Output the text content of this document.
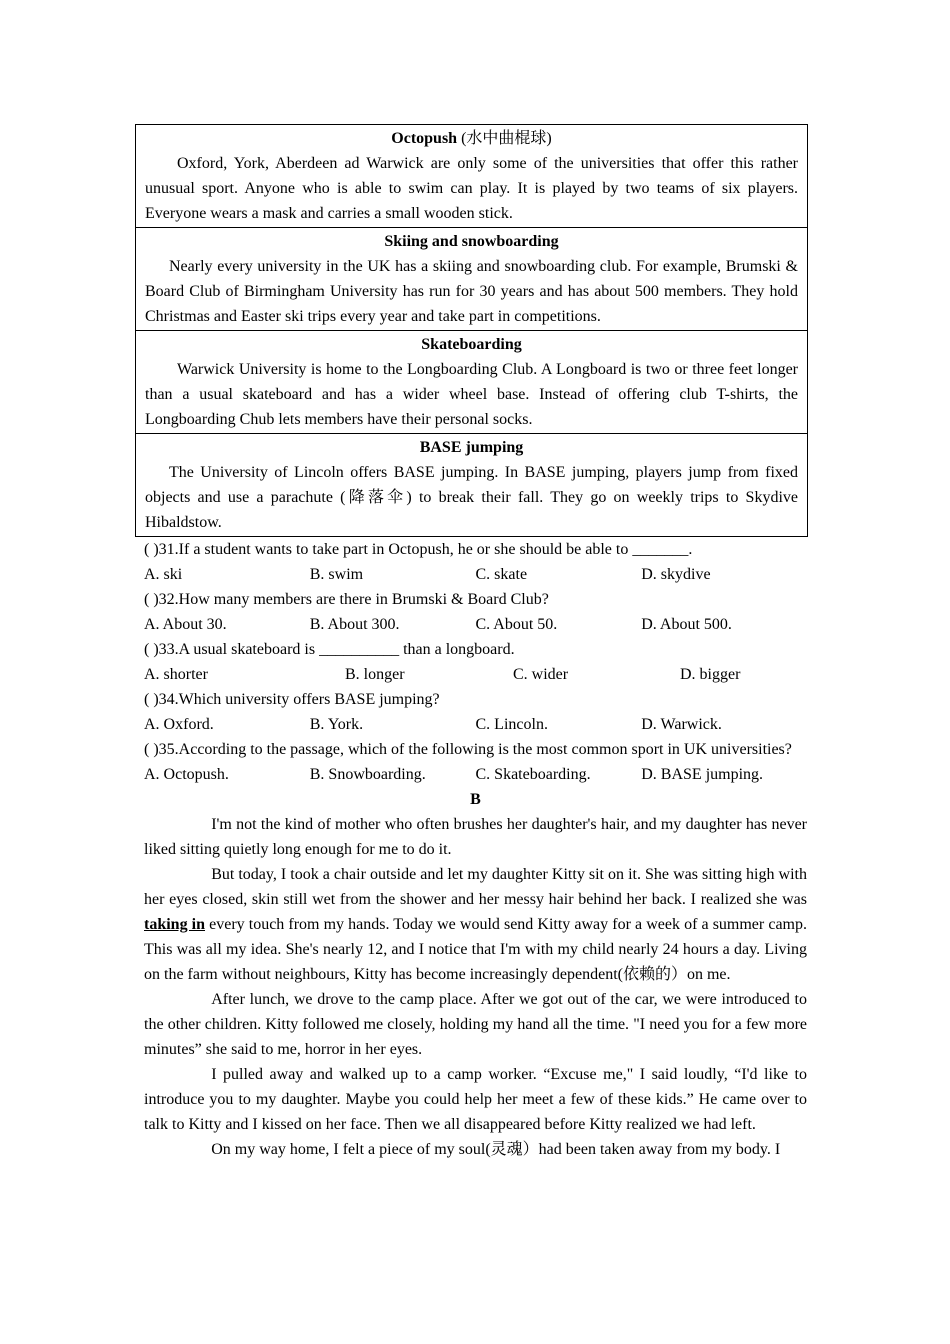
Octopush (水中曲棍球)
Oxford, York, Aberdeen ad Warwick are only some of the universities that offer this rather unusual sport. Anyone who is able to swim can play. It is played by two teams of six players. Everyone wears a mask and carries a small wooden stick.

Skiing and snowboarding
Nearly every university in the UK has a skiing and snowboarding club. For example, Brumski & Board Club of Birmingham University has run for 30 years and has about 500 members. They hold Christmas and Easter ski trips every year and take part in competitions.

Skateboarding
Warwick University is home to the Longboarding Club. A Longboard is two or three feet longer than a usual skateboard and has a wider wheel base. Instead of offering club T-shirts, the Longboarding Chub lets members have their personal socks.

BASE jumping
The University of Lincoln offers BASE jumping. In BASE jumping, players jump from fixed objects and use a parachute (降落伞) to break their fall. They go on weekly trips to Skydive Hibaldstow.
( )31.If a student wants to take part in Octopush, he or she should be able to _______.
A. ski	B. swim	C. skate	D. skydive
( )32.How many members are there in Brumski & Board Club?
A. About 30.	B. About 300.	C. About 50.	D. About 500.
( )33.A usual skateboard is __________ than a longboard.
A. shorter	B. longer	C. wider	D. bigger
( )34.Which university offers BASE jumping?
A. Oxford.	B. York.	C. Lincoln.	D. Warwick.
( )35.According to the passage, which of the following is the most common sport in UK universities?
A. Octopush.	B. Snowboarding.	C. Skateboarding.	D. BASE jumping.
B
I'm not the kind of mother who often brushes her daughter's hair, and my daughter has never liked sitting quietly long enough for me to do it.
But today, I took a chair outside and let my daughter Kitty sit on it. She was sitting high with her eyes closed, skin still wet from the shower and her messy hair behind her back. I realized she was taking in every touch from my hands. Today we would send Kitty away for a week of a summer camp. This was all my idea. She's nearly 12, and I notice that I'm with my child nearly 24 hours a day. Living on the farm without neighbours, Kitty has become increasingly dependent(依赖的）on me.
After lunch, we drove to the camp place. After we got out of the car, we were introduced to the other children. Kitty followed me closely, holding my hand all the time. "I need you for a few more minutes” she said to me, horror in her eyes.
I pulled away and walked up to a camp worker. “Excuse me," I said loudly, “I'd like to introduce you to my daughter. Maybe you could help her meet a few of these kids.” He came over to talk to Kitty and I kissed on her face. Then we all disappeared before Kitty realized we had left.
On my way home, I felt a piece of my soul(灵魂）had been taken away from my body. I
